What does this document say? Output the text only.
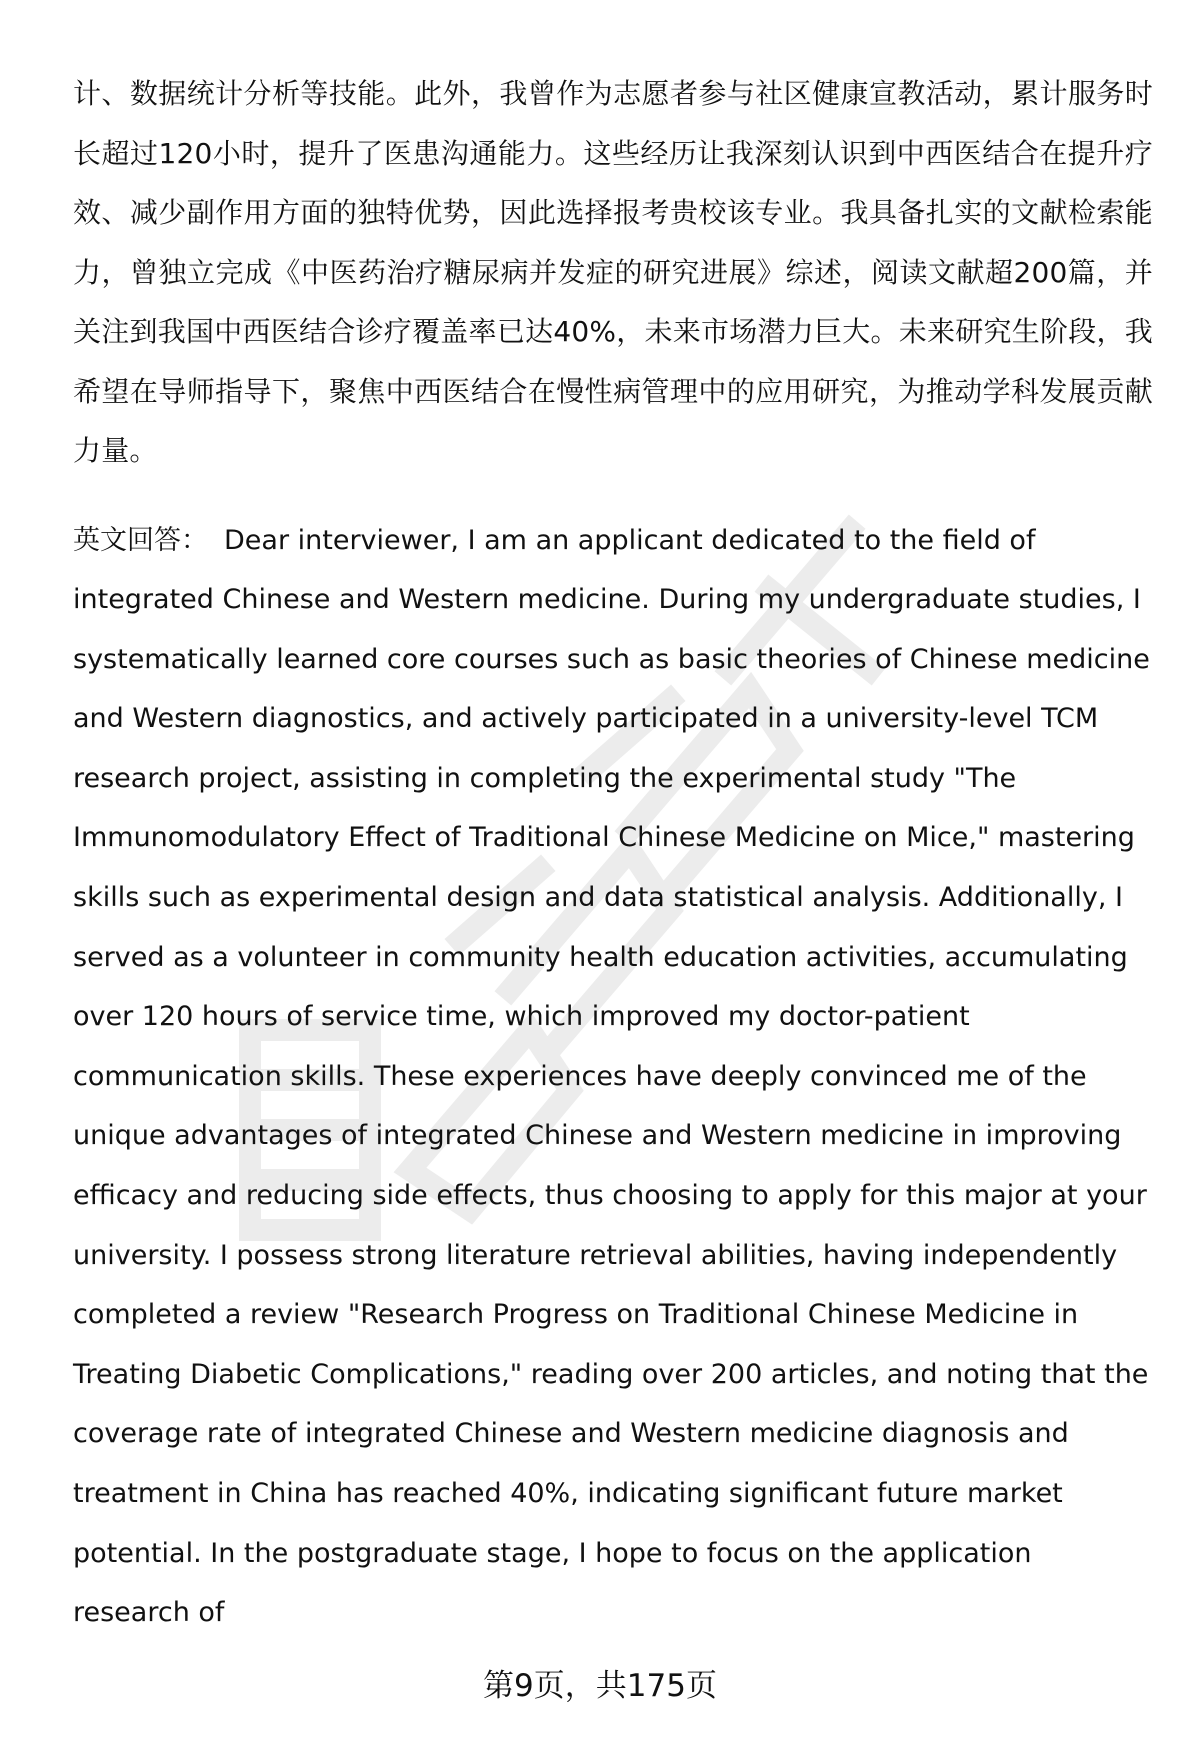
计、数据统计分析等技能。此外，我曾作为志愿者参与社区健康宣教活动，累计服务时长超过120小时，提升了医患沟通能力。这些经历让我深刻认识到中西医结合在提升疗效、减少副作用方面的独特优势，因此选择报考贵校该专业。我具备扎实的文献检索能力，曾独立完成《中医药治疗糖尿病并发症的研究进展》综述，阅读文献超200篇，并关注到我国中西医结合诊疗覆盖率已达40%，未来市场潜力巨大。未来研究生阶段，我希望在导师指导下，聚焦中西医结合在慢性病管理中的应用研究，为推动学科发展贡献力量。

英文回答： Dear interviewer, I am an applicant dedicated to the field of integrated Chinese and Western medicine. During my undergraduate studies, I systematically learned core courses such as basic theories of Chinese medicine and Western diagnostics, and actively participated in a university-level TCM research project, assisting in completing the experimental study "The Immunomodulatory Effect of Traditional Chinese Medicine on Mice," mastering skills such as experimental design and data statistical analysis. Additionally, I served as a volunteer in community health education activities, accumulating over 120 hours of service time, which improved my doctor-patient communication skills. These experiences have deeply convinced me of the unique advantages of integrated Chinese and Western medicine in improving efficacy and reducing side effects, thus choosing to apply for this major at your university. I possess strong literature retrieval abilities, having independently completed a review "Research Progress on Traditional Chinese Medicine in Treating Diabetic Complications," reading over 200 articles, and noting that the coverage rate of integrated Chinese and Western medicine diagnosis and treatment in China has reached 40%, indicating significant future market potential. In the postgraduate stage, I hope to focus on the application research of

第9页，共175页
